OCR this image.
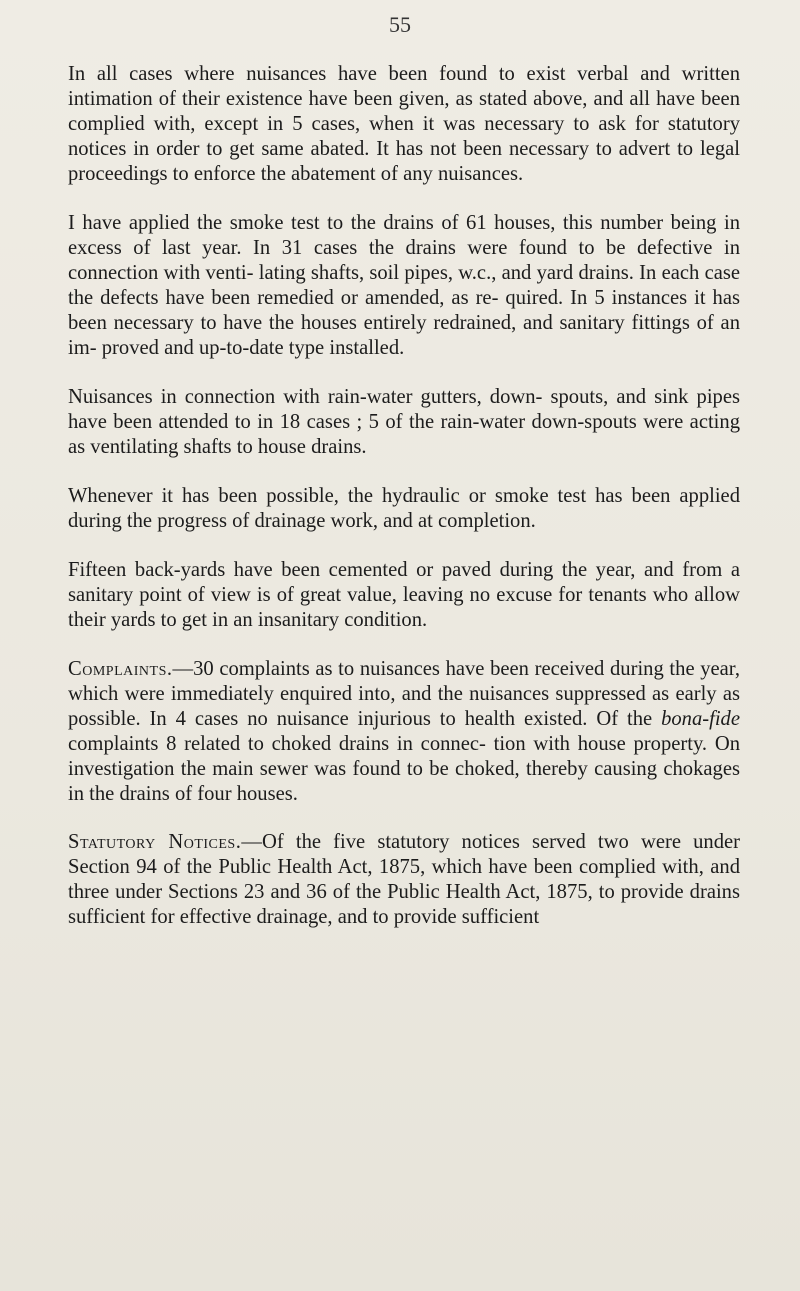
55

In all cases where nuisances have been found to exist verbal and written intimation of their existence have been given, as stated above, and all have been complied with, except in 5 cases, when it was necessary to ask for statutory notices in order to get same abated. It has not been necessary to advert to legal proceedings to enforce the abatement of any nuisances.

I have applied the smoke test to the drains of 61 houses, this number being in excess of last year. In 31 cases the drains were found to be defective in connection with venti- lating shafts, soil pipes, w.c., and yard drains. In each case the defects have been remedied or amended, as re- quired. In 5 instances it has been necessary to have the houses entirely redrained, and sanitary fittings of an im- proved and up-to-date type installed.

Nuisances in connection with rain-water gutters, down- spouts, and sink pipes have been attended to in 18 cases ; 5 of the rain-water down-spouts were acting as ventilating shafts to house drains.

Whenever it has been possible, the hydraulic or smoke test has been applied during the progress of drainage work, and at completion.

Fifteen back-yards have been cemented or paved during the year, and from a sanitary point of view is of great value, leaving no excuse for tenants who allow their yards to get in an insanitary condition.

Complaints.—30 complaints as to nuisances have been received during the year, which were immediately enquired into, and the nuisances suppressed as early as possible. In 4 cases no nuisance injurious to health existed. Of the bona-fide complaints 8 related to choked drains in connec- tion with house property. On investigation the main sewer was found to be choked, thereby causing chokages in the drains of four houses.

Statutory Notices.—Of the five statutory notices served two were under Section 94 of the Public Health Act, 1875, which have been complied with, and three under Sections 23 and 36 of the Public Health Act, 1875, to provide drains sufficient for effective drainage, and to provide sufficient
